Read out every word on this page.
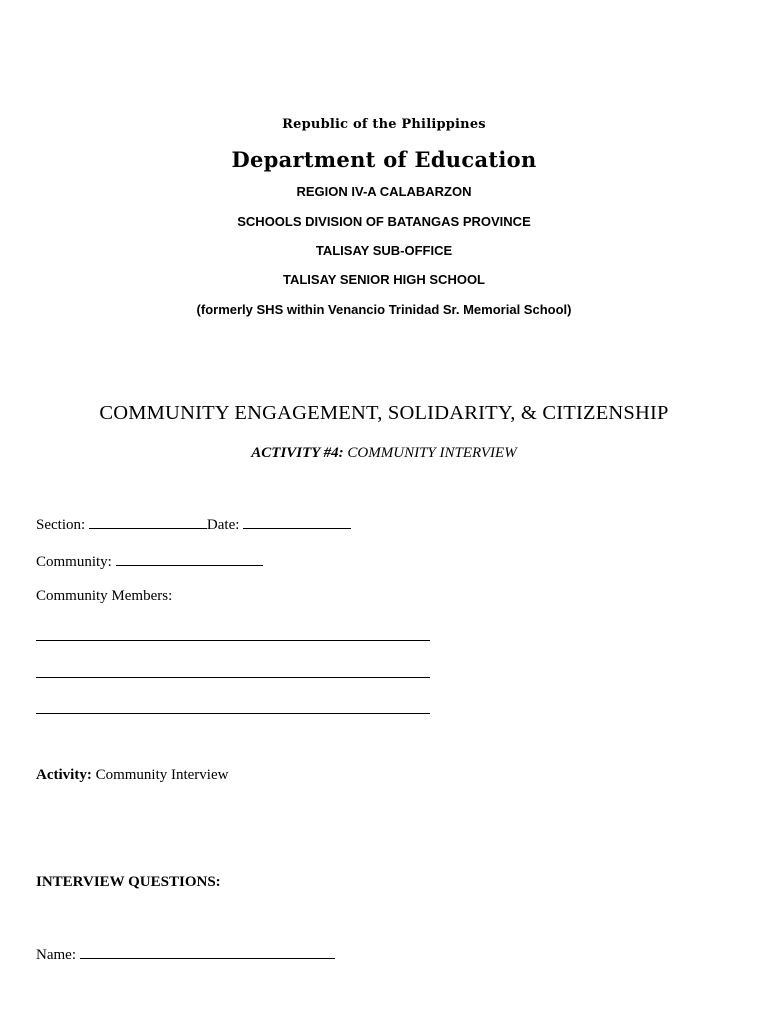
Republic of the Philippines
Department of Education
REGION IV-A CALABARZON
SCHOOLS DIVISION OF BATANGAS PROVINCE
TALISAY SUB-OFFICE
TALISAY SENIOR HIGH SCHOOL
(formerly SHS within Venancio Trinidad Sr. Memorial School)
COMMUNITY ENGAGEMENT, SOLIDARITY, & CITIZENSHIP
ACTIVITY #4: COMMUNITY INTERVIEW
Section:	Date:
Community:
Community Members:
Activity: Community Interview
INTERVIEW QUESTIONS:
Name:
